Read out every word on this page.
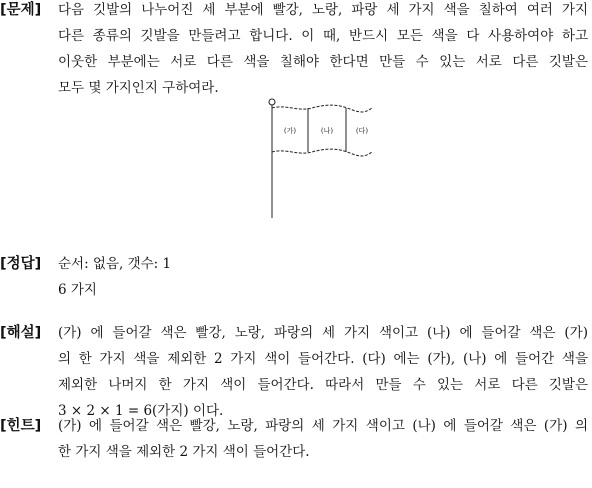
[문제] 다음 깃발의 나누어진 세 부분에 빨강, 노랑, 파랑 세 가지 색을 칠하여 여러 가지
다른 종류의 깃발을 만들려고 합니다. 이 때, 반드시 모든 색을 다 사용하여야 하고
이웃한 부분에는 서로 다른 색을 칠해야 한다면 만들 수 있는 서로 다른 깃발은
모두 몇 가지인지 구하여라.
(가)	(나)	(다)
[정답] 순서: 없음, 갯수: 1
6 가지
[해설] (가) 에 들어갈 색은 빨강, 노랑, 파랑의 세 가지 색이고 (나) 에 들어갈 색은 (가)
의 한 가지 색을 제외한 2 가지 색이 들어간다. (다) 에는 (가), (나) 에 들어간 색을
제외한 나머지 한 가지 색이 들어간다. 따라서 만들 수 있는 서로 다른 깃발은
3 × 2 × 1 = 6(가지) 이다.
[힌트] (가) 에 들어갈 색은 빨강, 노랑, 파랑의 세 가지 색이고 (나) 에 들어갈 색은 (가) 의
한 가지 색을 제외한 2 가지 색이 들어간다.
